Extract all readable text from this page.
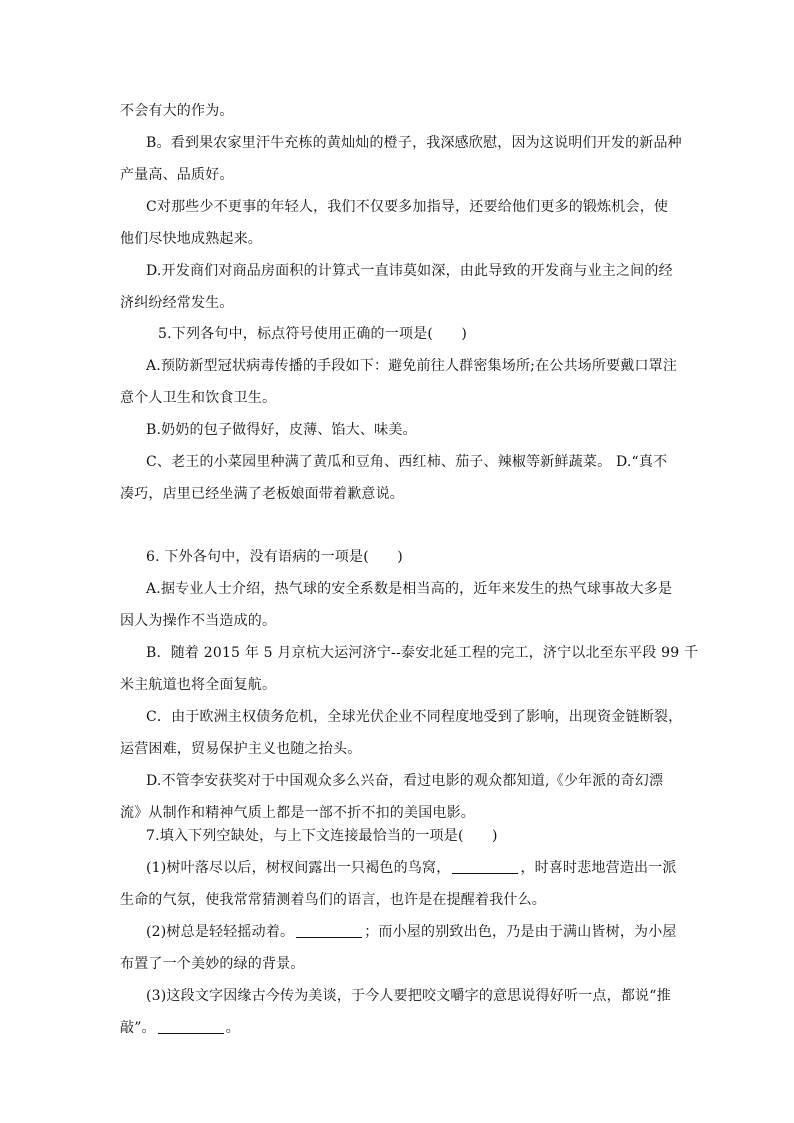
不会有大的作为。
B。看到果农家里汗牛充栋的黄灿灿的橙子，我深感欣慰，因为这说明们开发的新品种
产量高、品质好。
C对那些少不更事的年轻人，我们不仅要多加指导，还要给他们更多的锻炼机会，使
他们尽快地成熟起来。
D.开发商们对商品房面积的计算式一直讳莫如深，由此导致的开发商与业主之间的经
济纠纷经常发生。
5.下列各句中，标点符号使用正确的一项是(　　)
A.预防新型冠状病毒传播的手段如下：避免前往人群密集场所;在公共场所要戴口罩注
意个人卫生和饮食卫生。
B.奶奶的包子做得好，皮薄、馅大、味美。
C、老王的小菜园里种满了黄瓜和豆角、西红柿、茄子、辣椒等新鲜蔬菜。 D.“真不
凑巧，店里已经坐满了老板娘面带着歉意说。
6. 下外各句中，没有语病的一项是(　　)
A.据专业人士介绍，热气球的安全系数是相当高的，近年来发生的热气球事故大多是
因人为操作不当造成的。
B．随着 2015 年 5 月京杭大运河济宁--泰安北延工程的完工，济宁以北至东平段 99 千
米主航道也将全面复航。
C．由于欧洲主权债务危机，全球光伏企业不同程度地受到了影响，出现资金链断裂，
运营困难，贸易保护主义也随之抬头。
D.不管李安获奖对于中国观众多么兴奋，看过电影的观众都知道,《少年派的奇幻漂
流》从制作和精神气质上都是一部不折不扣的美国电影。
7.填入下列空缺处，与上下文连接最恰当的一项是(　　)
(1)树叶落尽以后，树杈间露出一只褐色的鸟窝，	，时喜时悲地营造出一派
生命的气氛，使我常常猜测着鸟们的语言，也许是在提醒着我什么。
(2)树总是轻轻摇动着。	；而小屋的别致出色，乃是由于满山皆树，为小屋
布置了一个美妙的绿的背景。
(3)这段文字因缘古今传为美谈，于今人要把咬文嚼字的意思说得好听一点，都说“推
敲”。	。
